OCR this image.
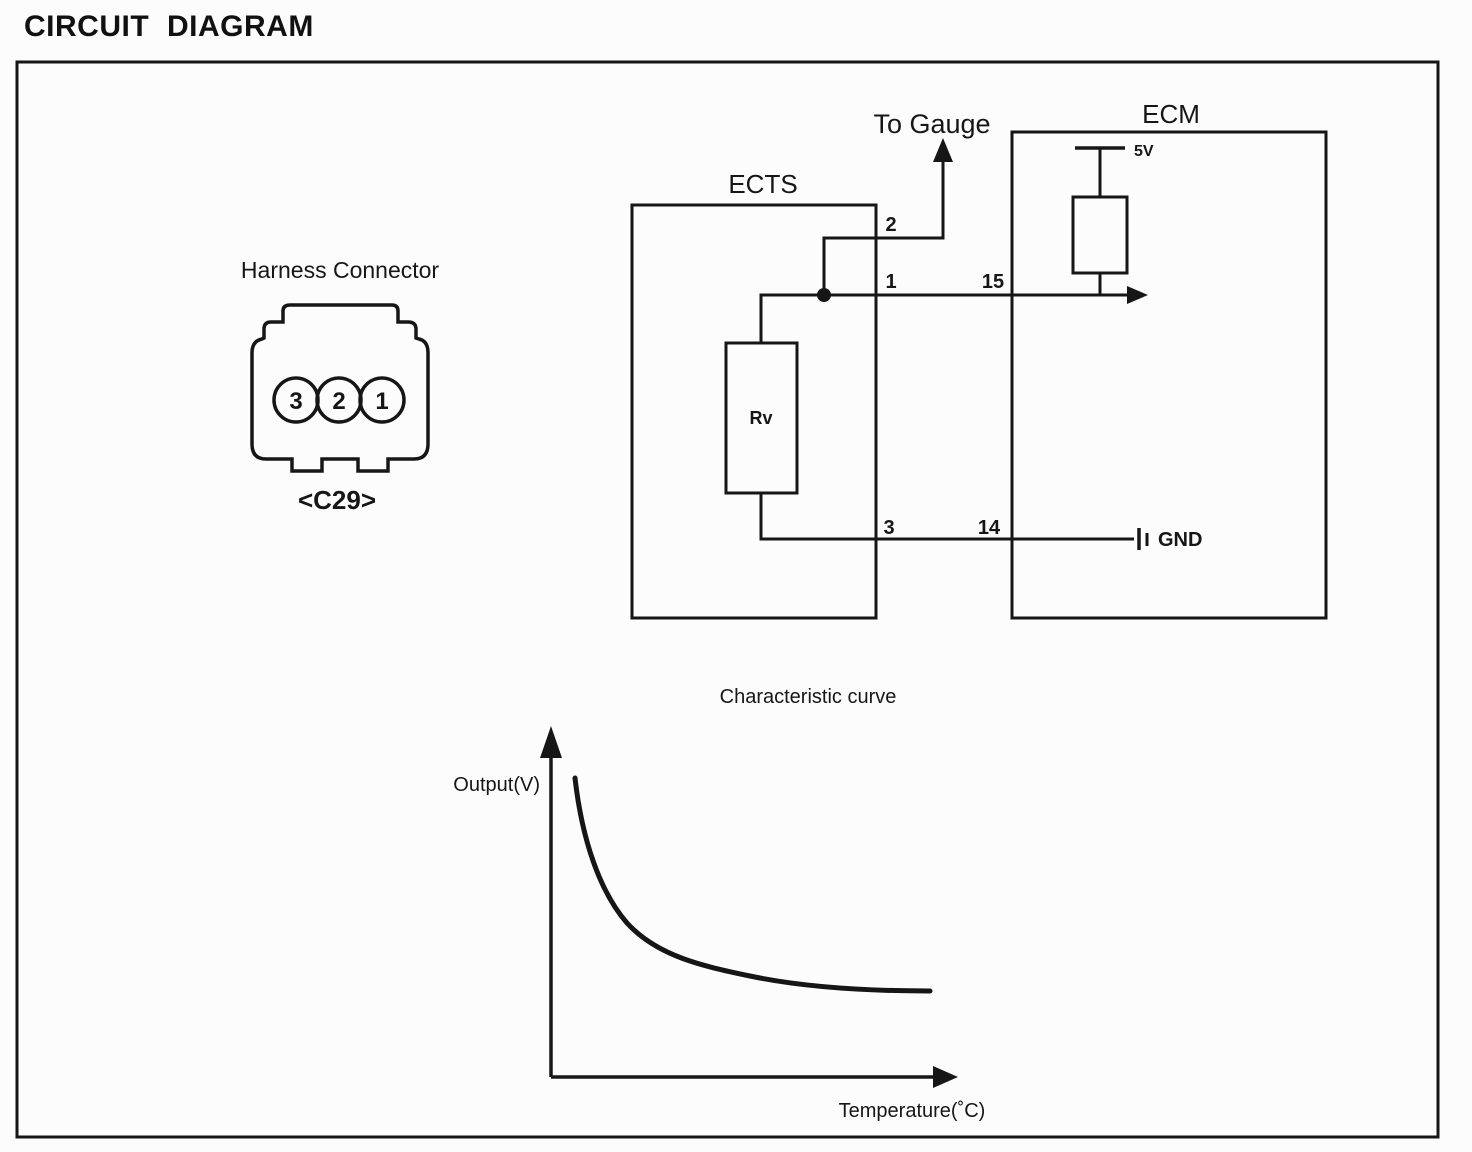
CIRCUIT DIAGRAM
Harness Connector
3 2 1
<C29>
ECTS
Rv
2
1	15
3	14
To Gauge
GND
ECM
5V
Characteristic curve
Output(V)
Temperature(˚C)
